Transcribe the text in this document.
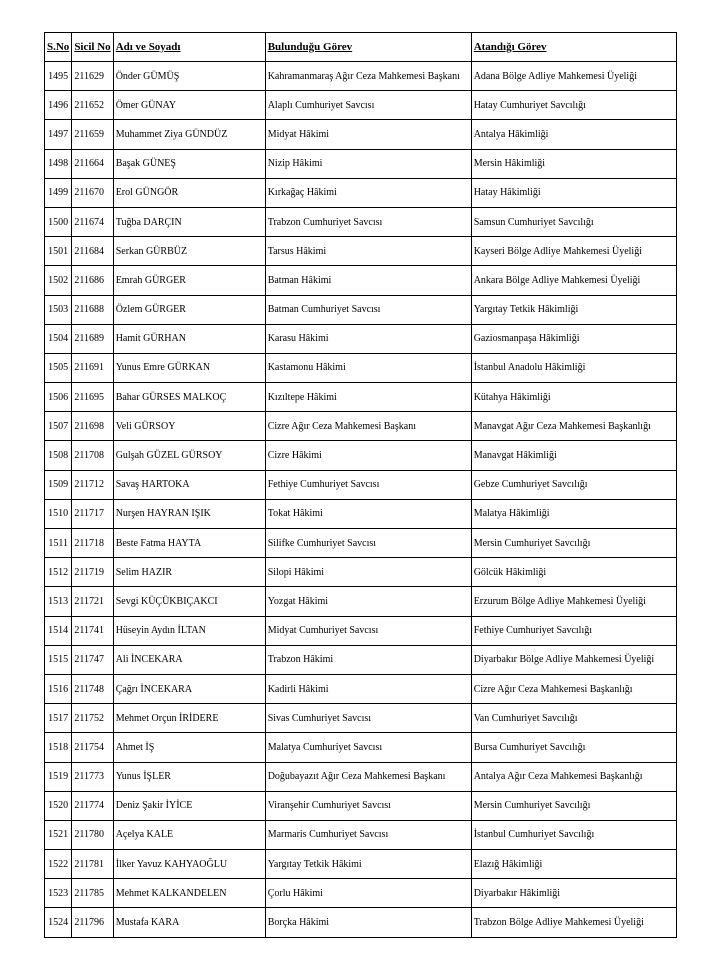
S.No	Sicil No	Adı ve Soyadı	Bulunduğu Görev	Atandığı Görev
1495	211629	Önder GÜMÜŞ	Kahramanmaraş Ağır Ceza Mahkemesi Başkanı	Adana Bölge Adliye Mahkemesi Üyeliği
1496	211652	Ömer GÜNAY	Alaplı Cumhuriyet Savcısı	Hatay Cumhuriyet Savcılığı
1497	211659	Muhammet Ziya GÜNDÜZ	Midyat Hâkimi	Antalya Hâkimliği
1498	211664	Başak GÜNEŞ	Nizip Hâkimi	Mersin Hâkimliği
1499	211670	Erol GÜNGÖR	Kırkağaç Hâkimi	Hatay Hâkimliği
1500	211674	Tuğba DARÇIN	Trabzon Cumhuriyet Savcısı	Samsun Cumhuriyet Savcılığı
1501	211684	Serkan GÜRBÜZ	Tarsus Hâkimi	Kayseri Bölge Adliye Mahkemesi Üyeliği
1502	211686	Emrah GÜRGER	Batman Hâkimi	Ankara Bölge Adliye Mahkemesi Üyeliği
1503	211688	Özlem GÜRGER	Batman Cumhuriyet Savcısı	Yargıtay Tetkik Hâkimliği
1504	211689	Hamit GÜRHAN	Karasu Hâkimi	Gaziosmanpaşa Hâkimliği
1505	211691	Yunus Emre GÜRKAN	Kastamonu Hâkimi	İstanbul Anadolu Hâkimliği
1506	211695	Bahar GÜRSES MALKOÇ	Kızıltepe Hâkimi	Kütahya Hâkimliği
1507	211698	Veli GÜRSOY	Cizre Ağır Ceza Mahkemesi Başkanı	Manavgat Ağır Ceza Mahkemesi Başkanlığı
1508	211708	Gulşah GÜZEL GÜRSOY	Cizre Hâkimi	Manavgat Hâkimliği
1509	211712	Savaş HARTOKA	Fethiye Cumhuriyet Savcısı	Gebze Cumhuriyet Savcılığı
1510	211717	Nurşen HAYRAN IŞIK	Tokat Hâkimi	Malatya Hâkimliği
1511	211718	Beste Fatma HAYTA	Silifke Cumhuriyet Savcısı	Mersin Cumhuriyet Savcılığı
1512	211719	Selim HAZIR	Silopi Hâkimi	Gölcük Hâkimliği
1513	211721	Sevgi KÜÇÜKBIÇAKCI	Yozgat Hâkimi	Erzurum Bölge Adliye Mahkemesi Üyeliği
1514	211741	Hüseyin Aydın İLTAN	Midyat Cumhuriyet Savcısı	Fethiye Cumhuriyet Savcılığı
1515	211747	Ali İNCEKARA	Trabzon Hâkimi	Diyarbakır Bölge Adliye Mahkemesi Üyeliği
1516	211748	Çağrı İNCEKARA	Kadirli Hâkimi	Cizre Ağır Ceza Mahkemesi Başkanlığı
1517	211752	Mehmet Orçun İRİDERE	Sivas Cumhuriyet Savcısı	Van Cumhuriyet Savcılığı
1518	211754	Ahmet İŞ	Malatya Cumhuriyet Savcısı	Bursa Cumhuriyet Savcılığı
1519	211773	Yunus İŞLER	Doğubayazıt Ağır Ceza Mahkemesi Başkanı	Antalya Ağır Ceza Mahkemesi Başkanlığı
1520	211774	Deniz Şakir İYİCE	Viranşehir Cumhuriyet Savcısı	Mersin Cumhuriyet Savcılığı
1521	211780	Açelya KALE	Marmaris Cumhuriyet Savcısı	İstanbul Cumhuriyet Savcılığı
1522	211781	İlker Yavuz KAHYAOĞLU	Yargıtay Tetkik Hâkimi	Elazığ Hâkimliği
1523	211785	Mehmet KALKANDELEN	Çorlu Hâkimi	Diyarbakır Hâkimliği
1524	211796	Mustafa KARA	Borçka Hâkimi	Trabzon Bölge Adliye Mahkemesi Üyeliği
